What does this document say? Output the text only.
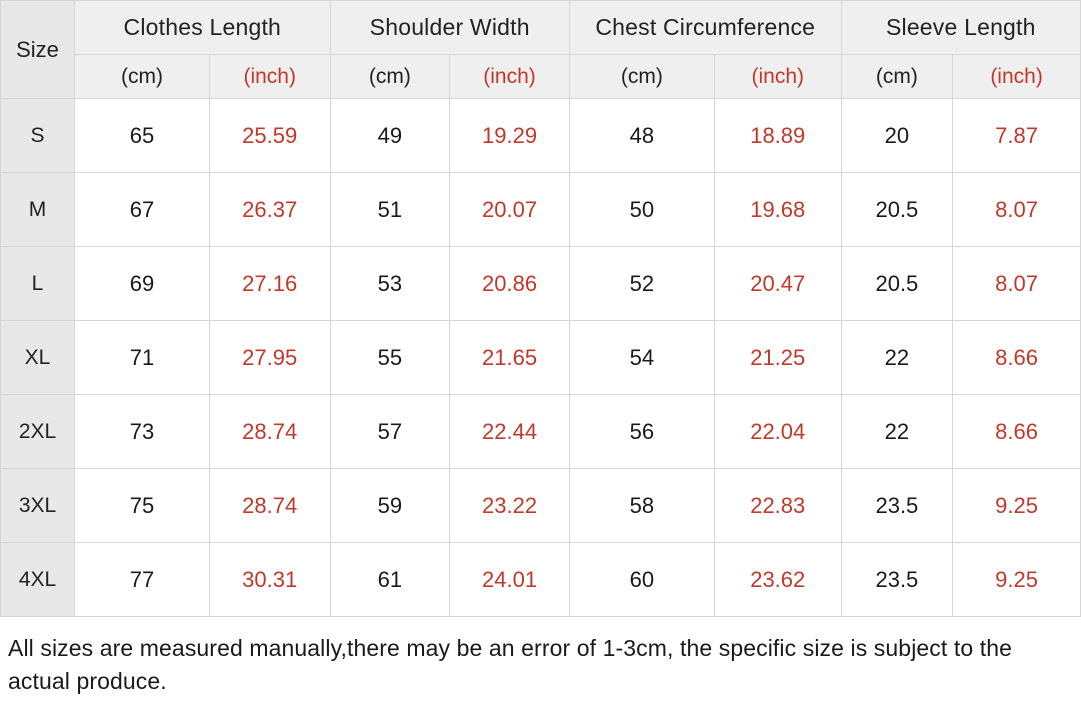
Size	Clothes Length		Shoulder Width		Chest Circumference		Sleeve Length	
	(cm)	(inch)	(cm)	(inch)	(cm)	(inch)	(cm)	(inch)
S	65	25.59	49	19.29	48	18.89	20	7.87
M	67	26.37	51	20.07	50	19.68	20.5	8.07
L	69	27.16	53	20.86	52	20.47	20.5	8.07
XL	71	27.95	55	21.65	54	21.25	22	8.66
2XL	73	28.74	57	22.44	56	22.04	22	8.66
3XL	75	28.74	59	23.22	58	22.83	23.5	9.25
4XL	77	30.31	61	24.01	60	23.62	23.5	9.25
All sizes are measured manually,there may be an error of 1-3cm, the specific size is subject to the actual produce.
